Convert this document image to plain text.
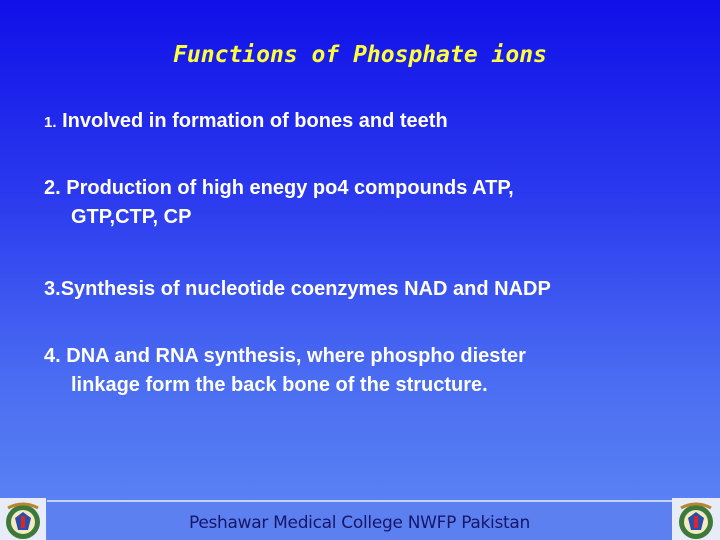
Functions of Phosphate ions
1. Involved in formation of bones and teeth
2. Production of high enegy po4 compounds ATP,
GTP,CTP, CP
3.Synthesis of nucleotide coenzymes NAD and NADP
4. DNA and RNA synthesis, where phospho diester
linkage form the back bone of the structure.
Peshawar Medical College NWFP Pakistan
